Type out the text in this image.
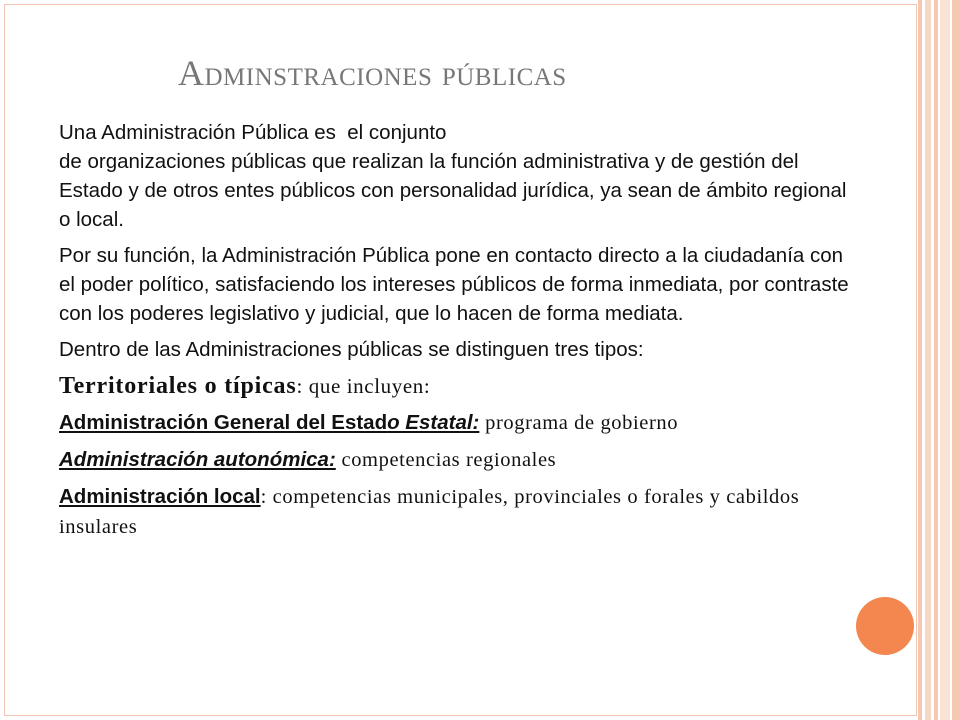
Adminstraciones públicas

Una Administración Pública es  el conjunto
de organizaciones públicas que realizan la función administrativa y de gestión del Estado y de otros entes públicos con personalidad jurídica, ya sean de ámbito regional o local.

Por su función, la Administración Pública pone en contacto directo a la ciudadanía con el poder político, satisfaciendo los intereses públicos de forma inmediata, por contraste con los poderes legislativo y judicial, que lo hacen de forma mediata.

Dentro de las Administraciones públicas se distinguen tres tipos:

Territoriales o típicas: que incluyen:

Administración General del Estado Estatal: programa de gobierno

Administración autonómica: competencias regionales

Administración local: competencias municipales, provinciales o forales y cabildos insulares
